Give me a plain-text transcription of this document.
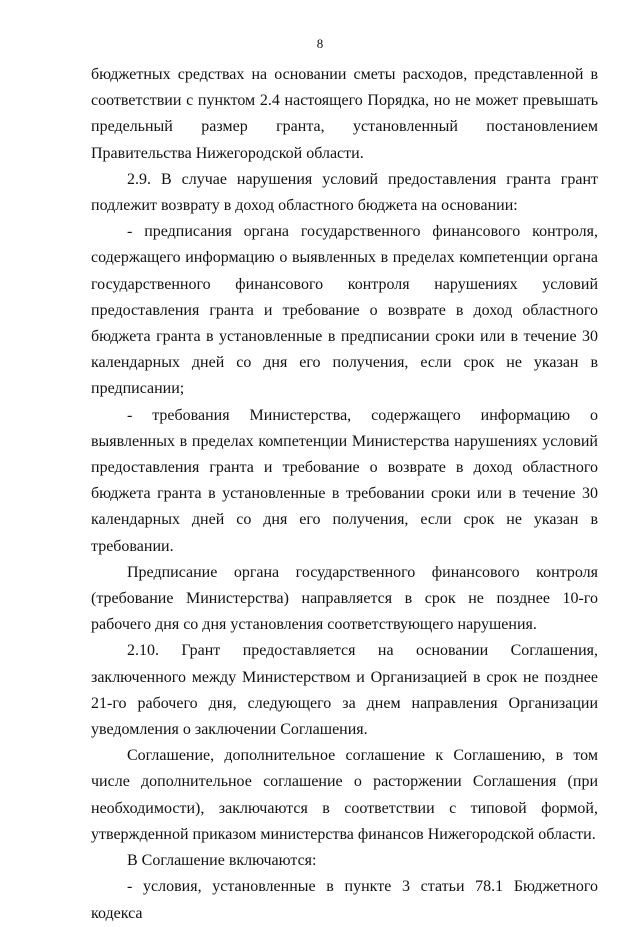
8

бюджетных средствах на основании сметы расходов, представленной в соответствии с пунктом 2.4 настоящего Порядка, но не может превышать предельный размер гранта, установленный постановлением Правительства Нижегородской области.

2.9. В случае нарушения условий предоставления гранта грант подлежит возврату в доход областного бюджета на основании:

- предписания органа государственного финансового контроля, содержащего информацию о выявленных в пределах компетенции органа государственного финансового контроля нарушениях условий предоставления гранта и требование о возврате в доход областного бюджета гранта в установленные в предписании сроки или в течение 30 календарных дней со дня его получения, если срок не указан в предписании;

- требования Министерства, содержащего информацию о выявленных в пределах компетенции Министерства нарушениях условий предоставления гранта и требование о возврате в доход областного бюджета гранта в установленные в требовании сроки или в течение 30 календарных дней со дня его получения, если срок не указан в требовании.

Предписание органа государственного финансового контроля (требование Министерства) направляется в срок не позднее 10-го рабочего дня со дня установления соответствующего нарушения.

2.10. Грант предоставляется на основании Соглашения, заключенного между Министерством и Организацией в срок не позднее 21-го рабочего дня, следующего за днем направления Организации уведомления о заключении Соглашения.

Соглашение, дополнительное соглашение к Соглашению, в том числе дополнительное соглашение о расторжении Соглашения (при необходимости), заключаются в соответствии с типовой формой, утвержденной приказом министерства финансов Нижегородской области.

В Соглашение включаются:

- условия, установленные в пункте 3 статьи 78.1 Бюджетного кодекса
